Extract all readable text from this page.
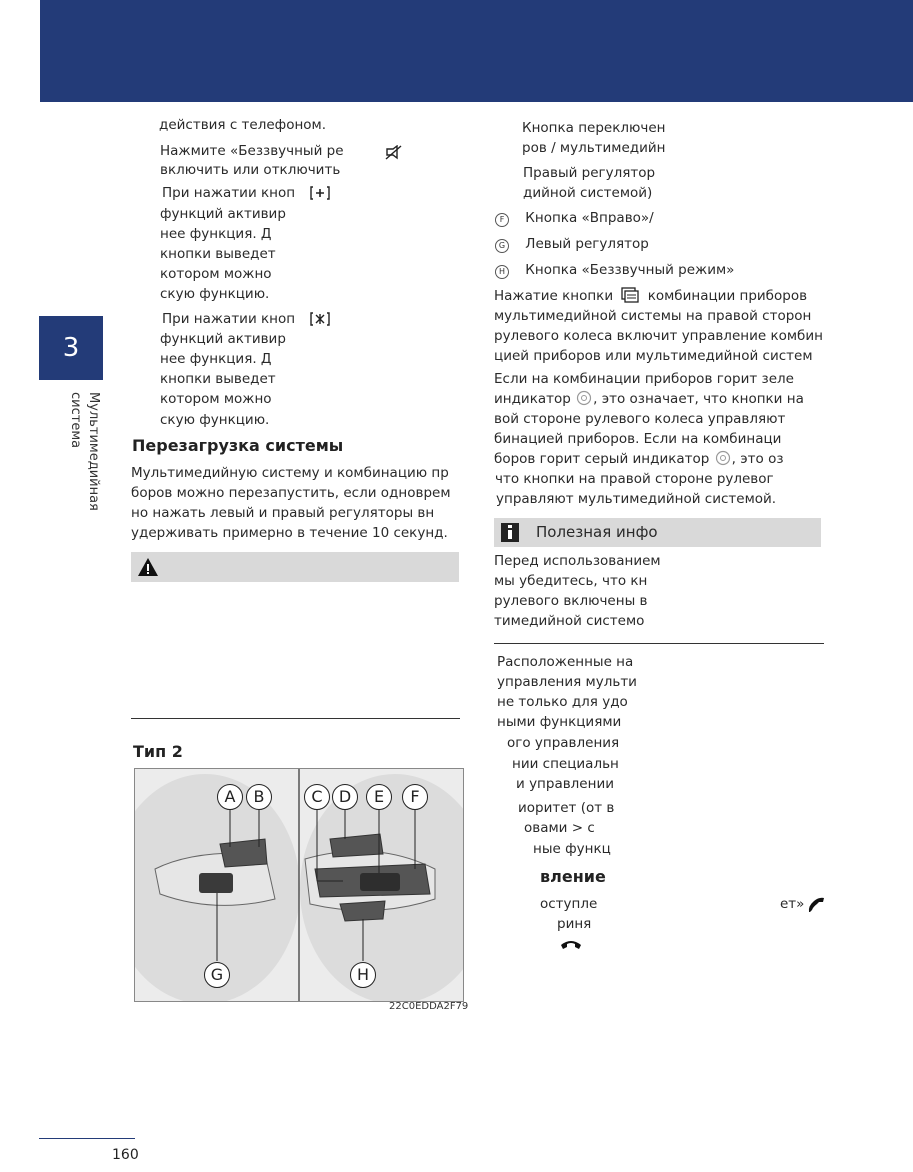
3
Мультимедийная система
действия с телефоном.
Нажмите «Беззвучный ре
включить или отключить
При нажатии кноп
функций активир
нее функция. Д
кнопки выведет
котором можно
скую функцию.
При нажатии кноп
функций активир
нее функция. Д
кнопки выведет
котором можно
скую функцию.
Перезагрузка системы
Мультимедийную систему и комбинацию пр
боров можно перезапустить, если одноврем
но нажать левый и правый регуляторы вн
удерживать примерно в течение 10 секунд.
Тип 2
A	B	C	D	E	F
G	H
22C0EDDA2F79
Кнопка переключен
ров / мультимедийн
Правый регулятор
дийной системой)
F Кнопка «Вправо»/
G Левый регулятор
H Кнопка «Беззвучный режим»
Нажатие кнопки	комбинации приборов
мультимедийной системы на правой сторон
рулевого колеса включит управление комбин
цией приборов или мультимедийной систем
Если на комбинации приборов горит зеле
индикатор , это означает, что кнопки на
вой стороне рулевого колеса управляют
бинацией приборов. Если на комбинаци
боров горит серый индикатор , это оз
что кнопки на правой стороне рулевог
управляют мультимедийной системой.
Полезная инфо
Перед использованием
мы убедитесь, что кн
рулевого включены в
тимедийной системо
Расположенные на
управления мульти
не только для удо
ными функциями
ого управления
нии специальн
и управлении
иоритет (от в
овами > с
ные функц
вление
оступле
риня
ет»
160
